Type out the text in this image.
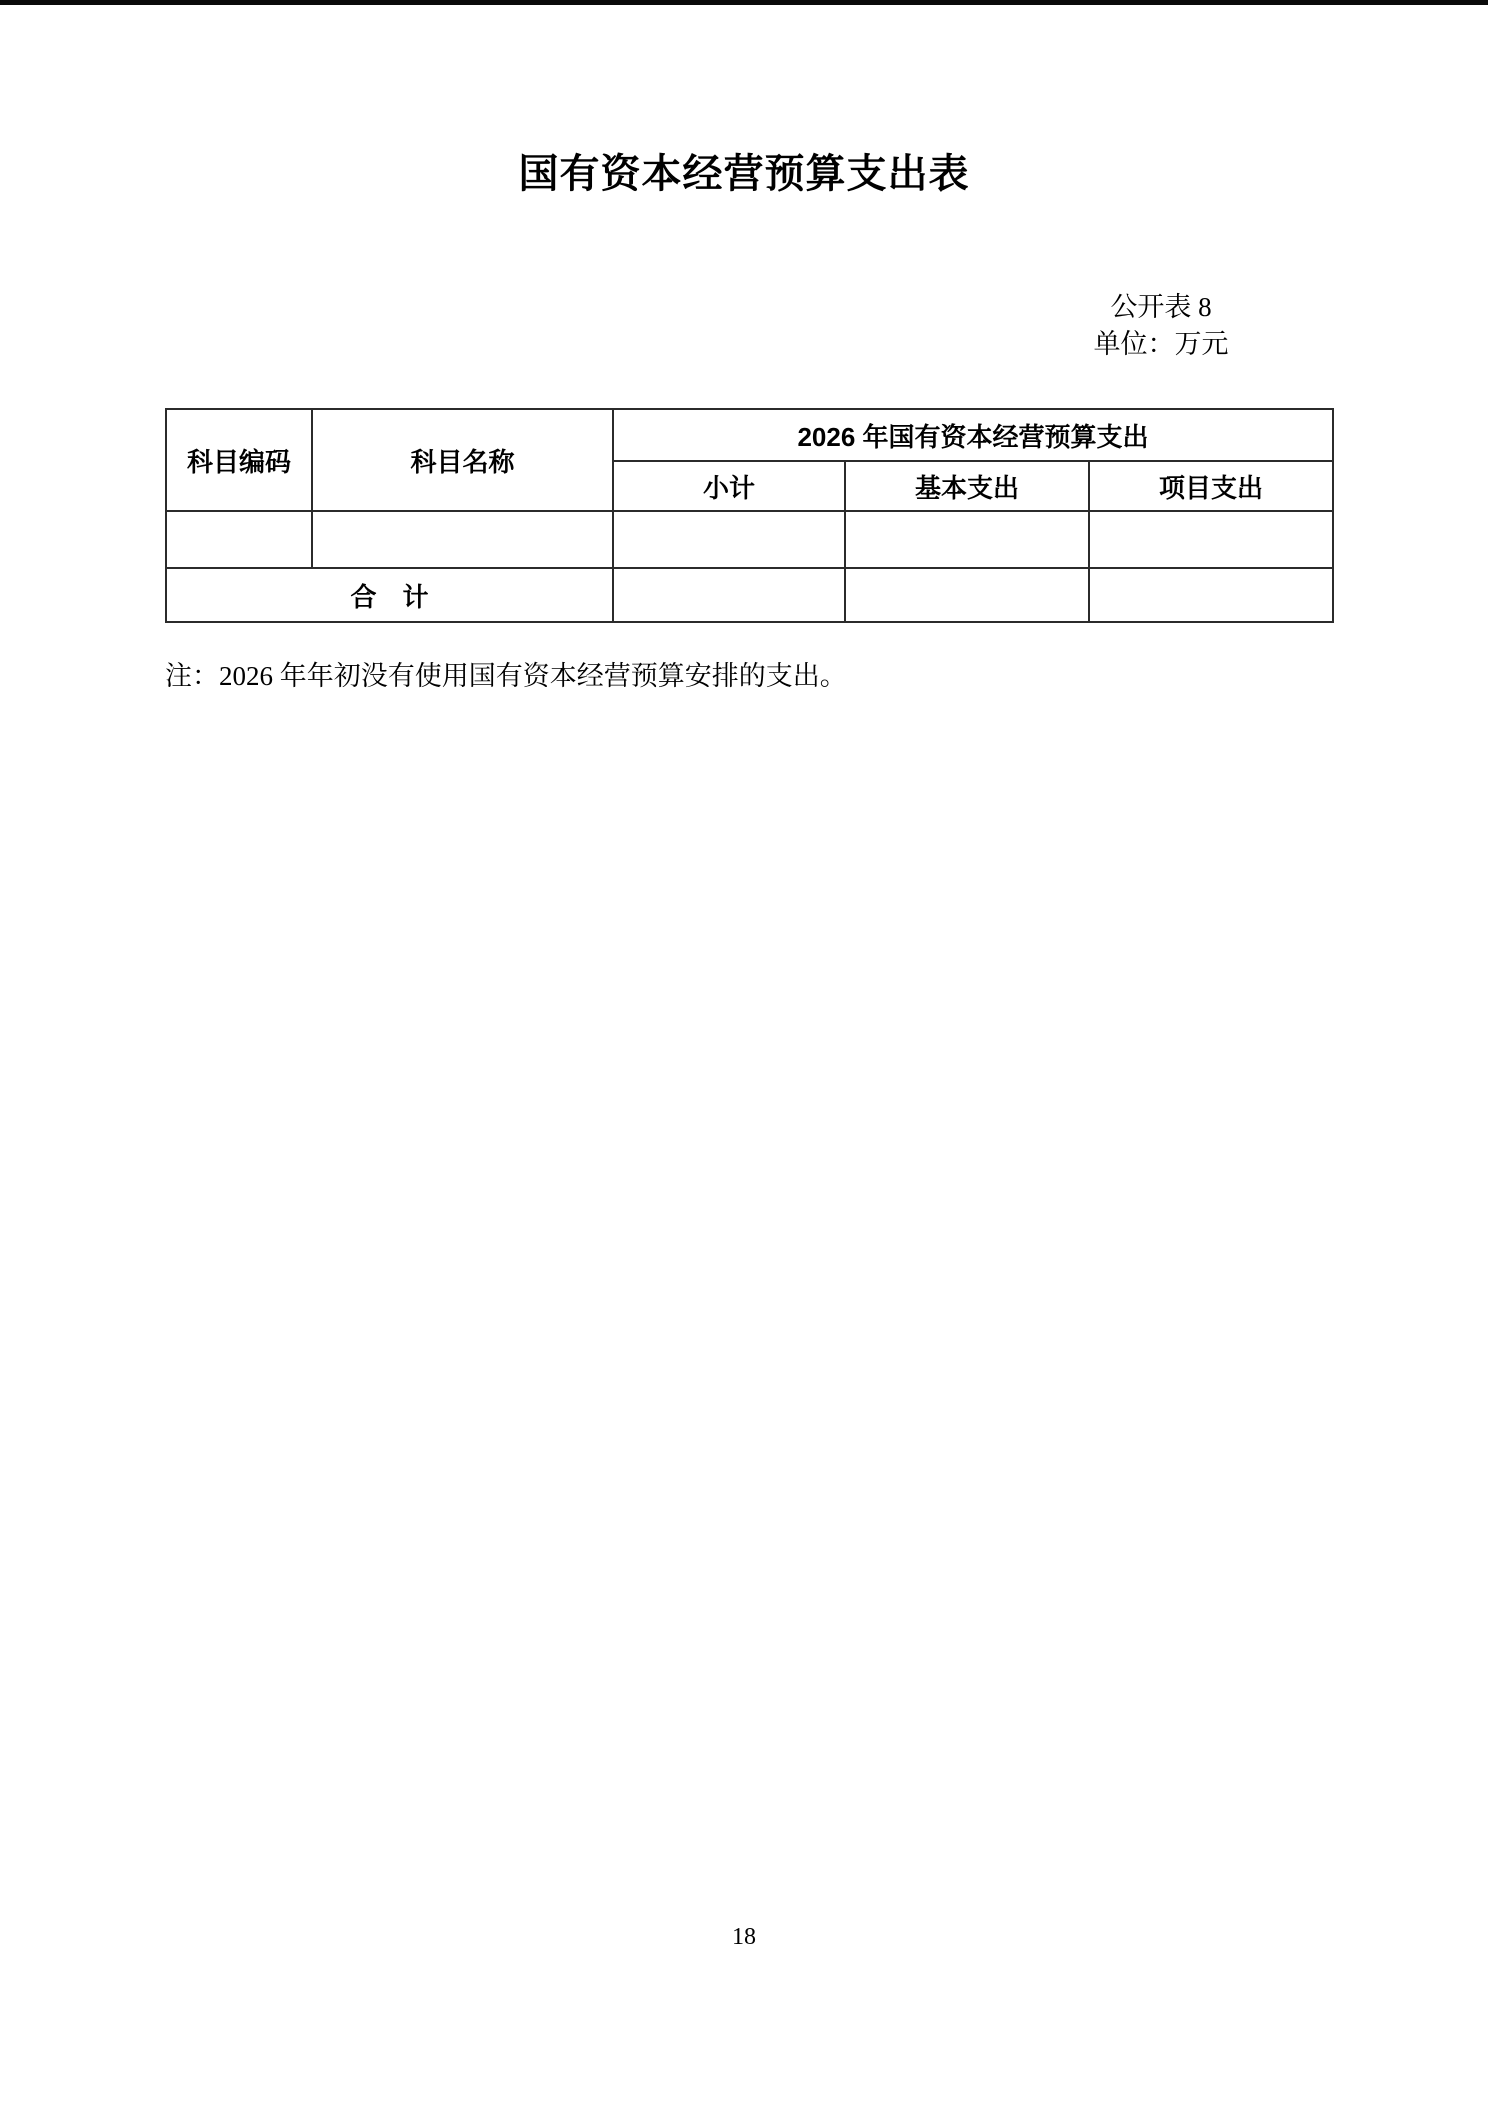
国有资本经营预算支出表
公开表 8
单位：万元
科目编码	科目名称	2026 年国有资本经营预算支出		
		小计	基本支出	项目支出

合　计				
注：2026 年年初没有使用国有资本经营预算安排的支出。
18
